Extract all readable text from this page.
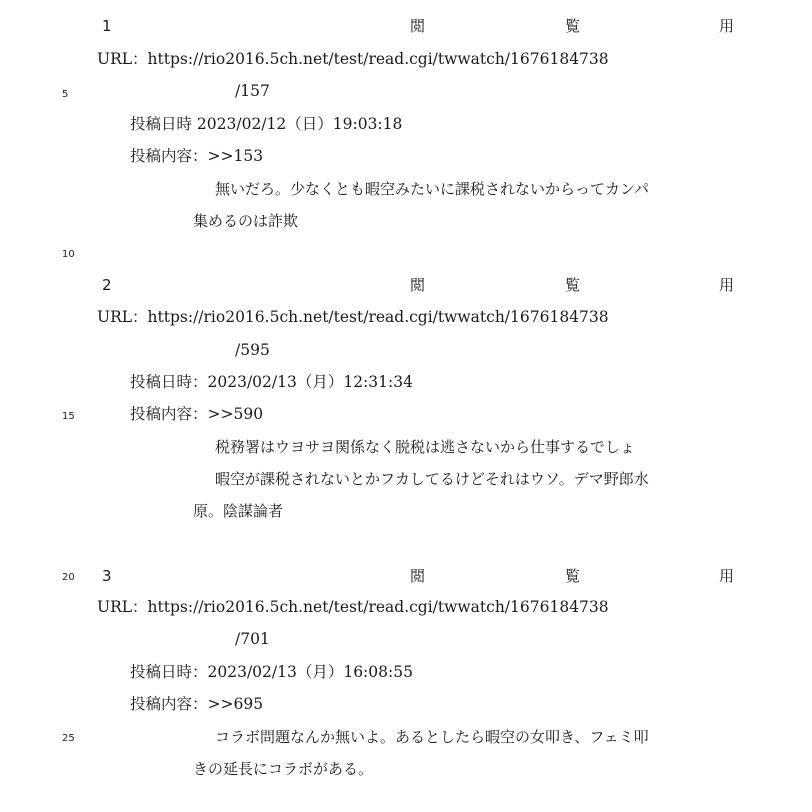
5
10
15
20
25
1	閲	覧	用
URL：https://rio2016.5ch.net/test/read.cgi/twwatch/1676184738
/157
投稿日時 2023/02/12（日）19:03:18
投稿内容：>>153
無いだろ。少なくとも暇空みたいに課税されないからってカンパ
集めるのは詐欺
2	閲	覧	用
URL：https://rio2016.5ch.net/test/read.cgi/twwatch/1676184738
/595
投稿日時：2023/02/13（月）12:31:34
投稿内容：>>590
税務署はウヨサヨ関係なく脱税は逃さないから仕事するでしょ
暇空が課税されないとかフカしてるけどそれはウソ。デマ野郎水
原。陰謀論者
3	閲	覧	用
URL：https://rio2016.5ch.net/test/read.cgi/twwatch/1676184738
/701
投稿日時：2023/02/13（月）16:08:55
投稿内容：>>695
コラボ問題なんか無いよ。あるとしたら暇空の女叩き、フェミ叩
きの延長にコラボがある。
